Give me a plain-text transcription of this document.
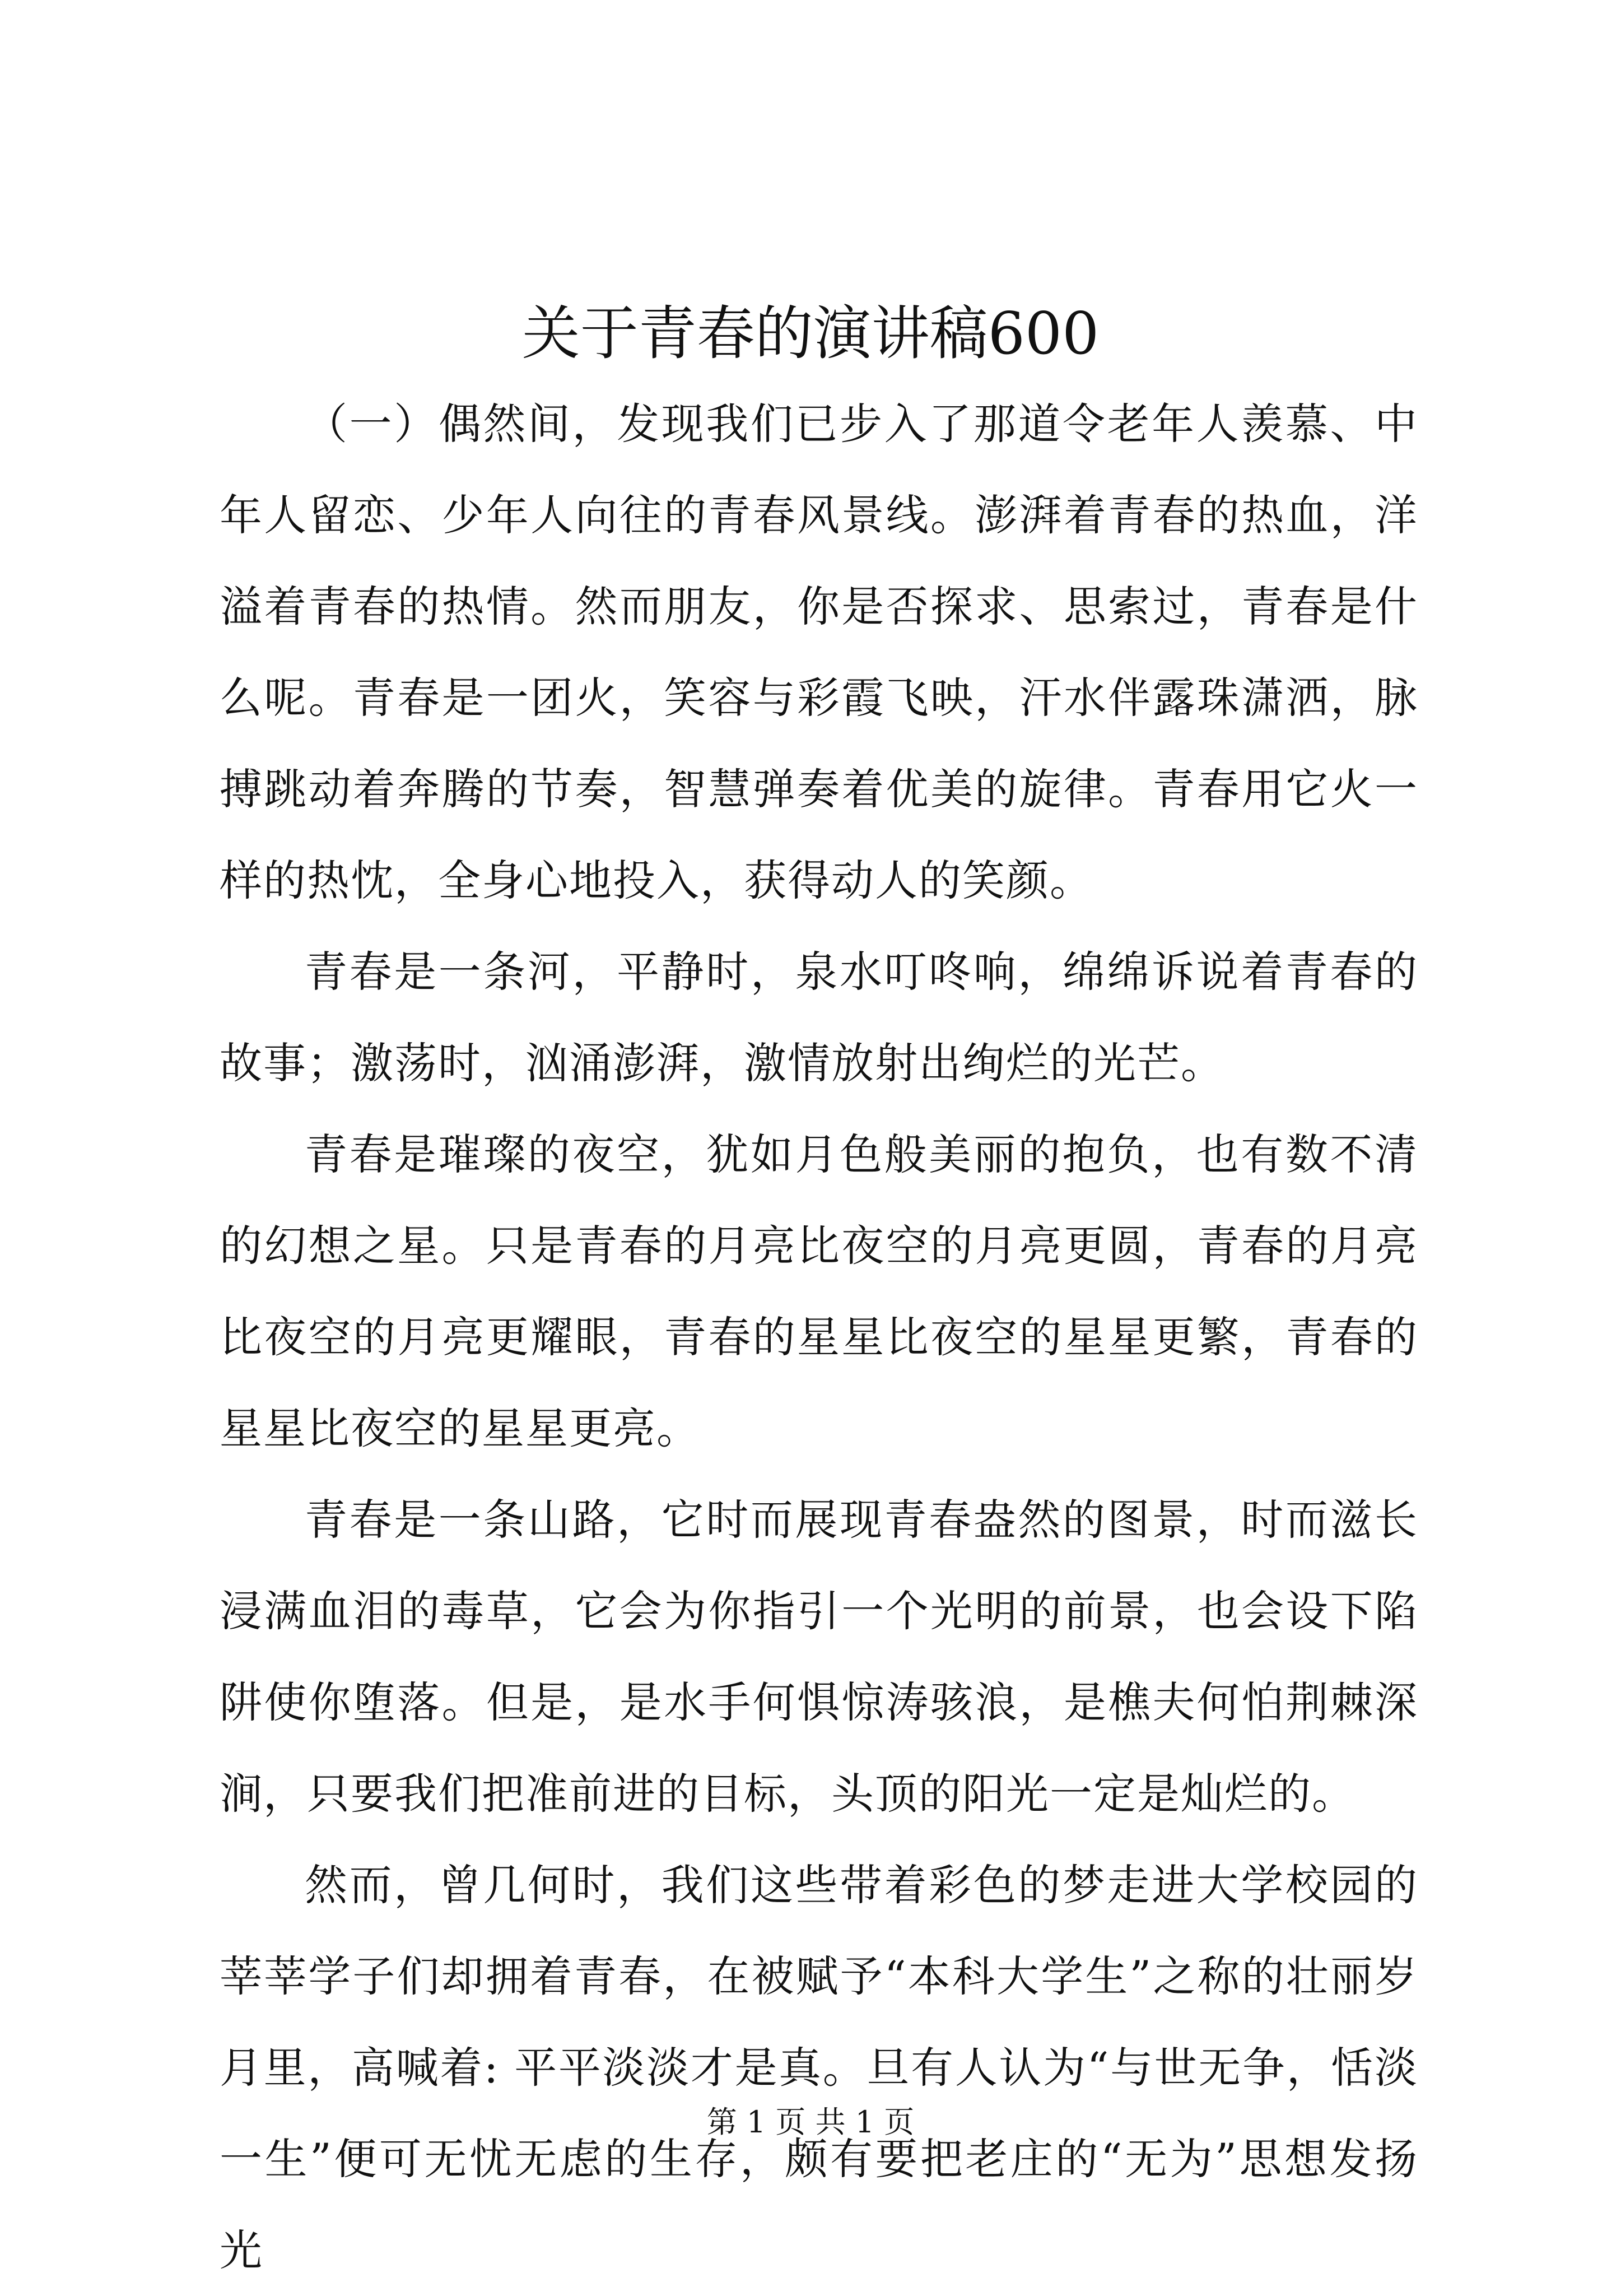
关于青春的演讲稿600

（一）偶然间，发现我们已步入了那道令老年人羡慕、中年人留恋、少年人向往的青春风景线。澎湃着青春的热血，洋溢着青春的热情。然而朋友，你是否探求、思索过，青春是什么呢。青春是一团火，笑容与彩霞飞映，汗水伴露珠潇洒，脉搏跳动着奔腾的节奏，智慧弹奏着优美的旋律。青春用它火一样的热忱，全身心地投入，获得动人的笑颜。

青春是一条河，平静时，泉水叮咚响，绵绵诉说着青春的故事；激荡时，汹涌澎湃，激情放射出绚烂的光芒。

青春是璀璨的夜空，犹如月色般美丽的抱负，也有数不清的幻想之星。只是青春的月亮比夜空的月亮更圆，青春的月亮比夜空的月亮更耀眼，青春的星星比夜空的星星更繁，青春的星星比夜空的星星更亮。

青春是一条山路，它时而展现青春盎然的图景，时而滋长浸满血泪的毒草，它会为你指引一个光明的前景，也会设下陷阱使你堕落。但是，是水手何惧惊涛骇浪，是樵夫何怕荆棘深涧，只要我们把准前进的目标，头顶的阳光一定是灿烂的。

然而，曾几何时，我们这些带着彩色的梦走进大学校园的莘莘学子们却拥着青春，在被赋予“本科大学生”之称的壮丽岁月里，高喊着: 平平淡淡才是真。旦有人认为“与世无争，恬淡一生”便可无忧无虑的生存，颇有要把老庄的“无为”思想发扬光

第 1 页 共 1 页
